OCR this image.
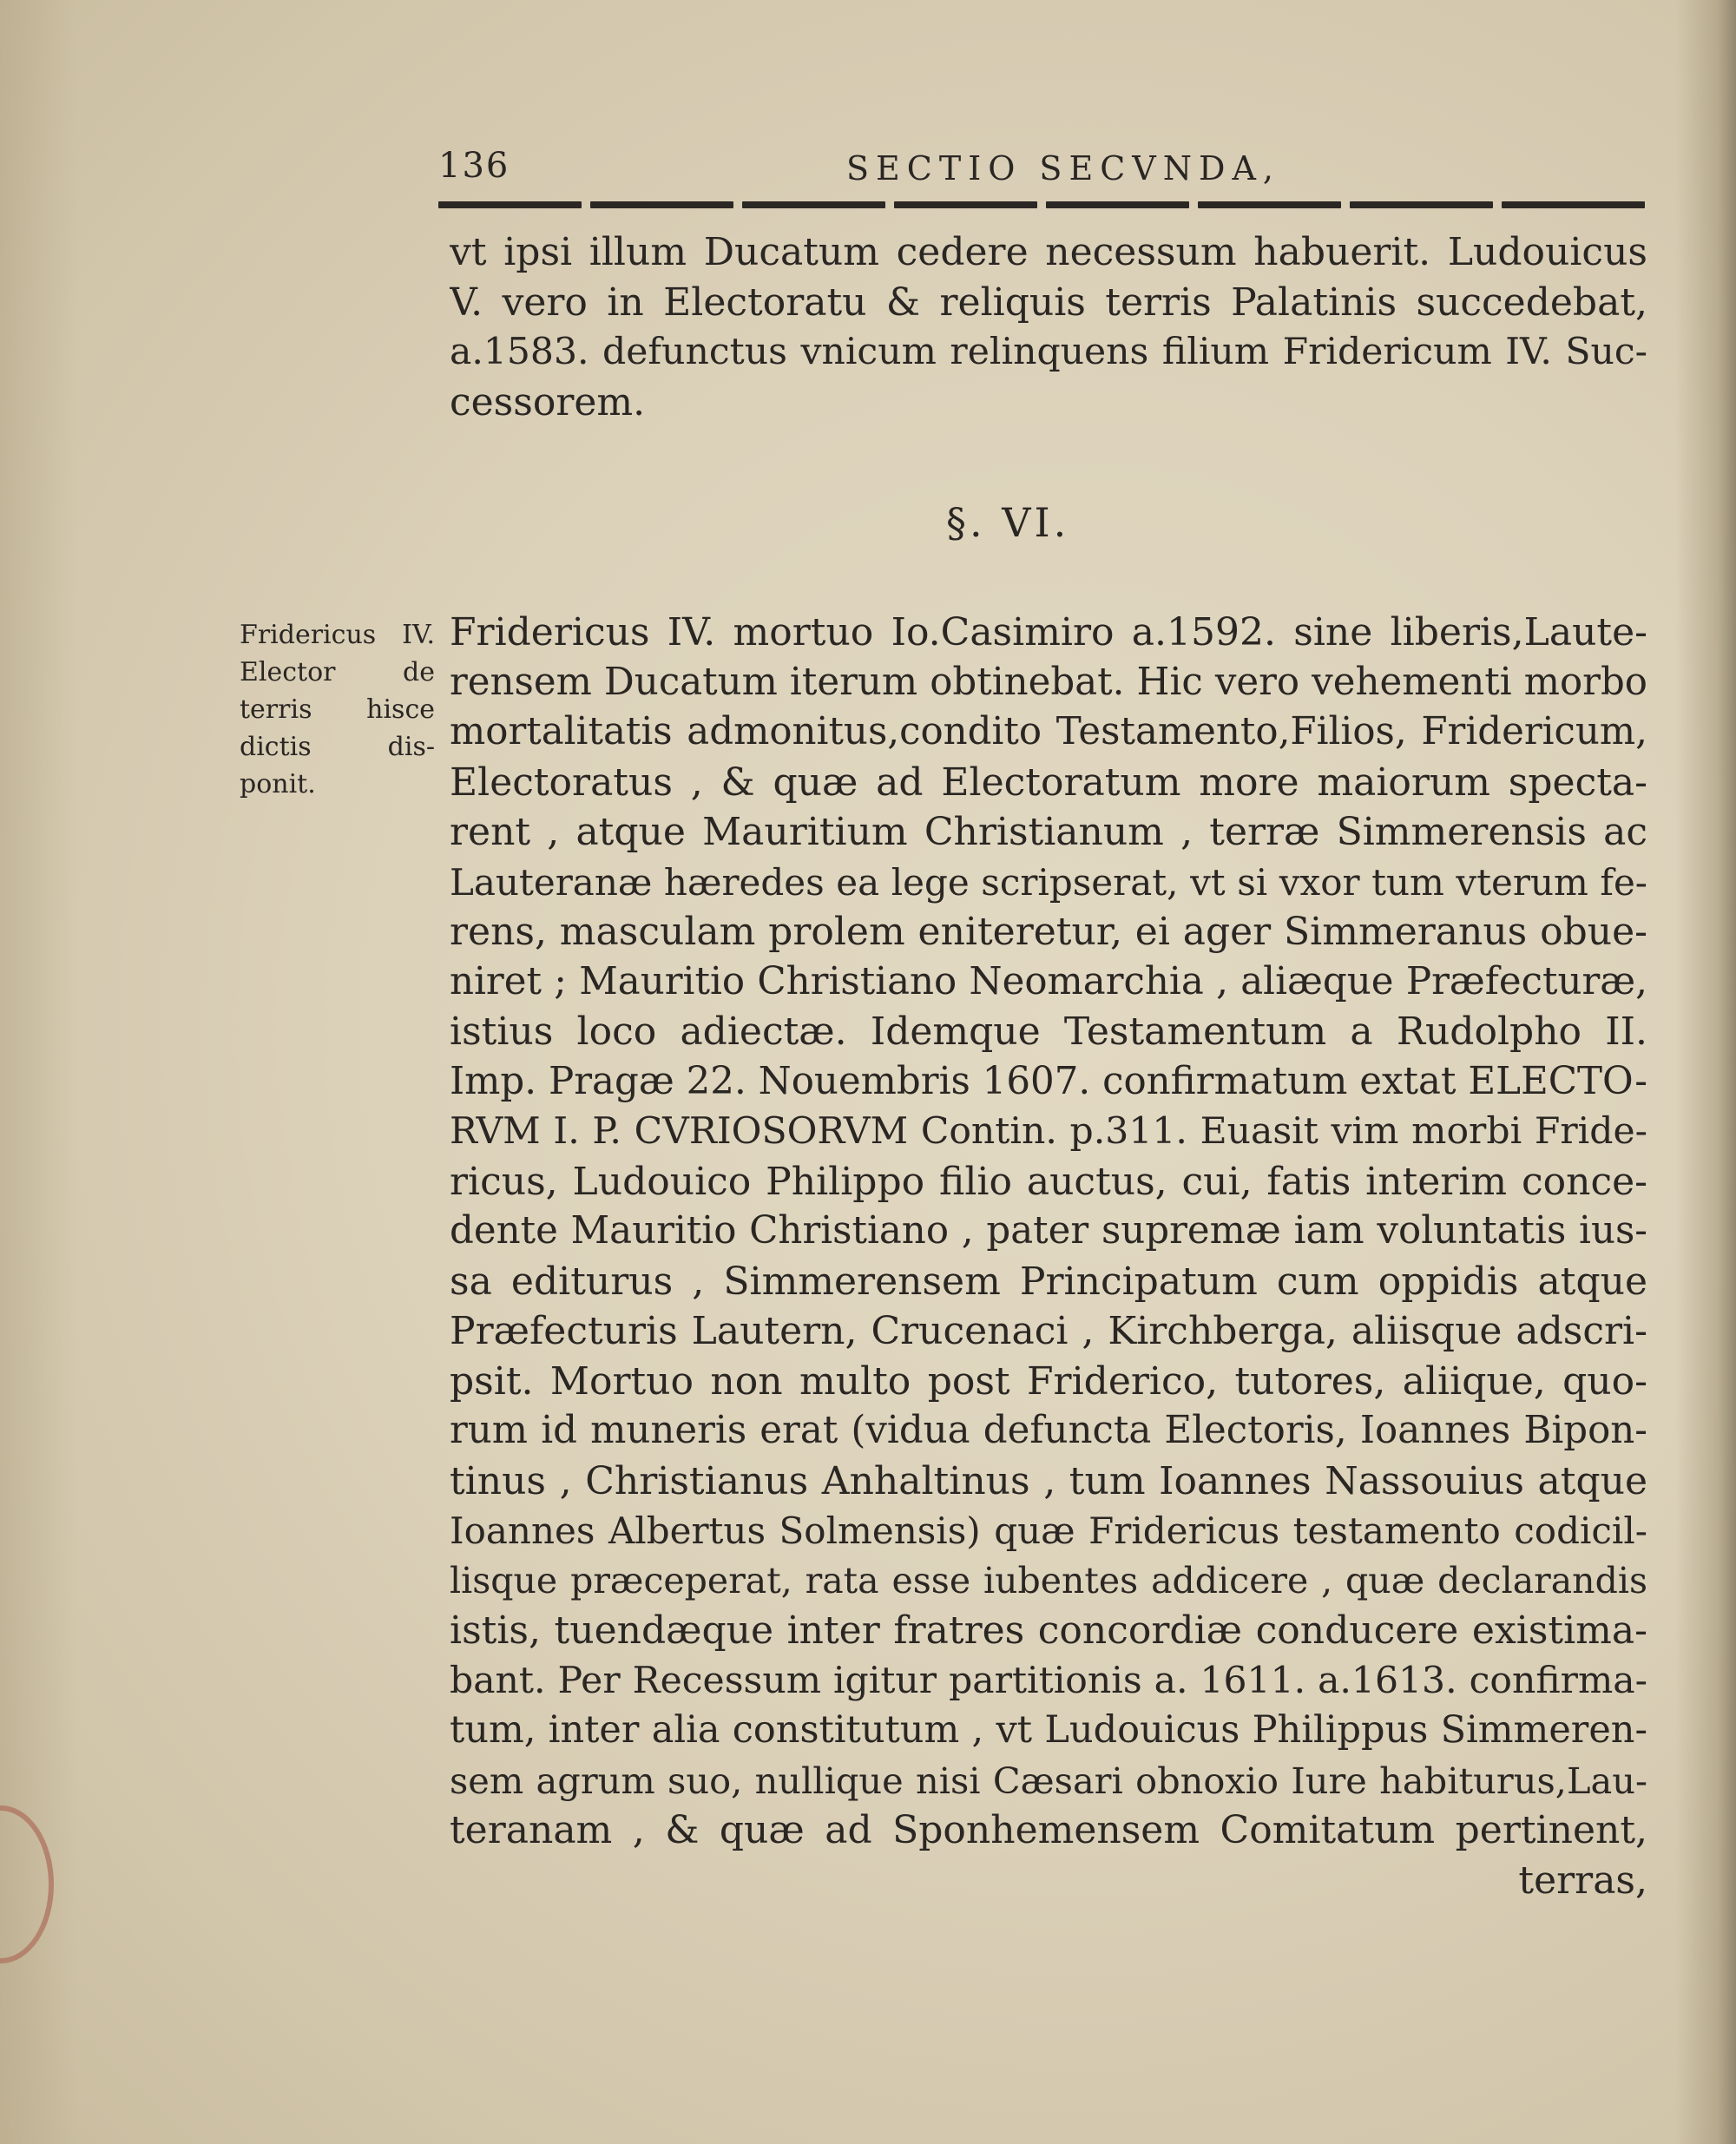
136	SECTIO SECVNDA,
vt ipsi illum Ducatum cedere necessum habuerit. Ludouicus
V. vero in Electoratu & reliquis terris Palatinis succedebat,
a.1583. defunctus vnicum relinquens filium Fridericum IV. Suc-
cessorem.
§. VI.
Fridericus IV.
Elector de
terris hisce
dictis dis-
ponit.
Fridericus IV. mortuo Io.Casimiro a.1592. sine liberis,Laute-
rensem Ducatum iterum obtinebat. Hic vero vehementi morbo
mortalitatis admonitus,condito Testamento,Filios, Fridericum,
Electoratus , & quæ ad Electoratum more maiorum specta-
rent , atque Mauritium Christianum , terræ Simmerensis ac
Lauteranæ hæredes ea lege scripserat, vt si vxor tum vterum fe-
rens, masculam prolem eniteretur, ei ager Simmeranus obue-
niret ; Mauritio Christiano Neomarchia , aliæque Præfecturæ,
istius loco adiectæ. Idemque Testamentum a Rudolpho II.
Imp. Pragæ 22. Nouembris 1607. confirmatum extat ELECTO-
RVM I. P. CVRIOSORVM Contin. p.311. Euasit vim morbi Fride-
ricus, Ludouico Philippo filio auctus, cui, fatis interim conce-
dente Mauritio Christiano , pater supremæ iam voluntatis ius-
sa editurus , Simmerensem Principatum cum oppidis atque
Præfecturis Lautern, Crucenaci , Kirchberga, aliisque adscri-
psit. Mortuo non multo post Friderico, tutores, aliique, quo-
rum id muneris erat (vidua defuncta Electoris, Ioannes Bipon-
tinus , Christianus Anhaltinus , tum Ioannes Nassouius atque
Ioannes Albertus Solmensis) quæ Fridericus testamento codicil-
lisque præceperat, rata esse iubentes addicere , quæ declarandis
istis, tuendæque inter fratres concordiæ conducere existima-
bant. Per Recessum igitur partitionis a. 1611. a.1613. confirma-
tum, inter alia constitutum , vt Ludouicus Philippus Simmeren-
sem agrum suo, nullique nisi Cæsari obnoxio Iure habiturus,Lau-
teranam , & quæ ad Sponhemensem Comitatum pertinent,
terras,
